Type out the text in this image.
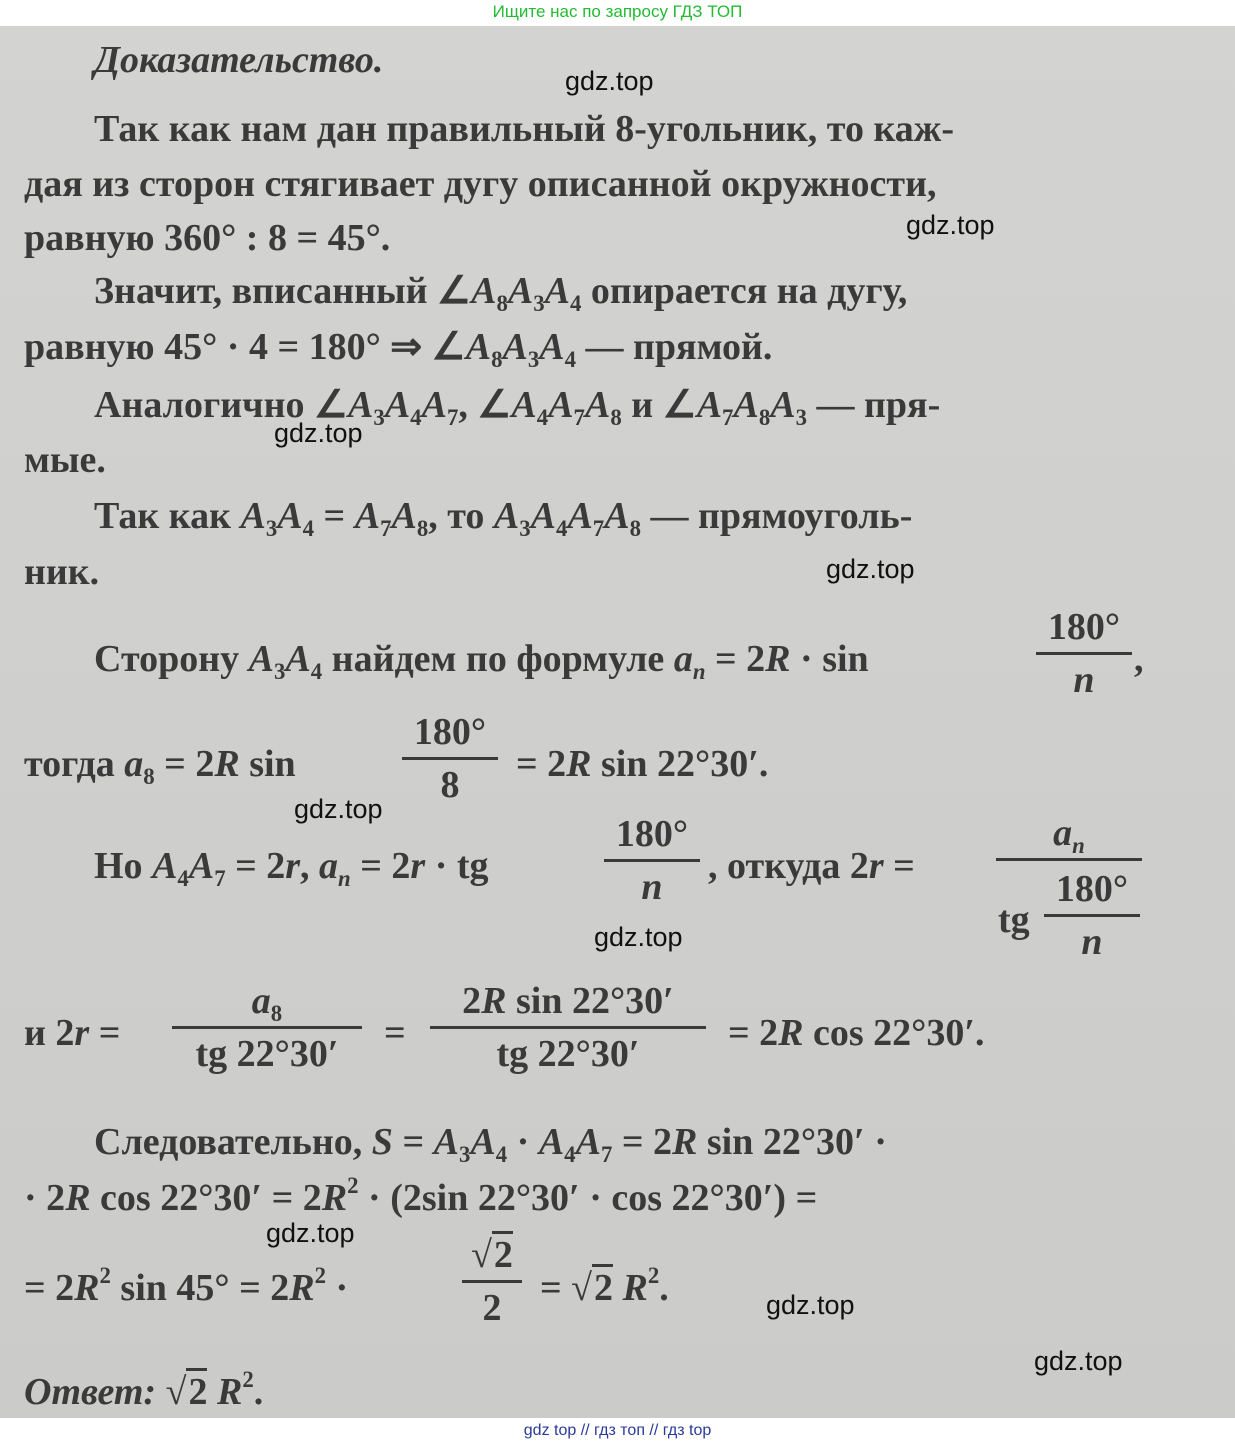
Ищите нас по запросу ГДЗ ТОП
Доказательство.
Так как нам дан правильный 8-угольник, то каж-
дая из сторон стягивает дугу описанной окружности,
равную 360° : 8 = 45°.
Значит, вписанный $\angle A_8A_3A_4$ опирается на дугу,
равную 45° · 4 = 180° ⇒ $\angle A_8A_3A_4$ — прямой.
Аналогично $\angle A_3A_4A_7$, $\angle A_4A_7A_8$ и $\angle A_7A_8A_3$ — пря-
мые.
Так как $A_3A_4 = A_7A_8$, то $A_3A_4A_7A_8$ — прямоуголь-
ник.
Сторону $A_3A_4$ найдем по формуле $a_n = 2R \cdot \sin$
180°
n	,
тогда $a_8 = 2R$ sin
180°
8	= 2R sin 22°30′.
Но $A_4A_7 = 2r$, $a_n = 2r$ · tg
180°
n	, откуда 2r =
$a_n$
tg
180°
n
и 2r =
$a_8$
tg 22°30′	=
2R sin 22°30′
tg 22°30′	= 2R cos 22°30′.
Следовательно, $S = A_3A_4 \cdot A_4A_7 = 2R$ sin 22°30′ ·
· 2R $\cos 22^\circ 30' = 2R^2 \cdot (2\sin$ 22°30′ · cos 22°30′) =
= $2R^2$ $\sin 45^\circ = 2R^2$ ·
√2
2	= √2 $R^2$.
Ответ: √2 $R^2$.
gdz.top
gdz.top
gdz.top
gdz.top
gdz.top
gdz.top
gdz.top
gdz.top
gdz.top
gdz top // гдз топ // гдз top
